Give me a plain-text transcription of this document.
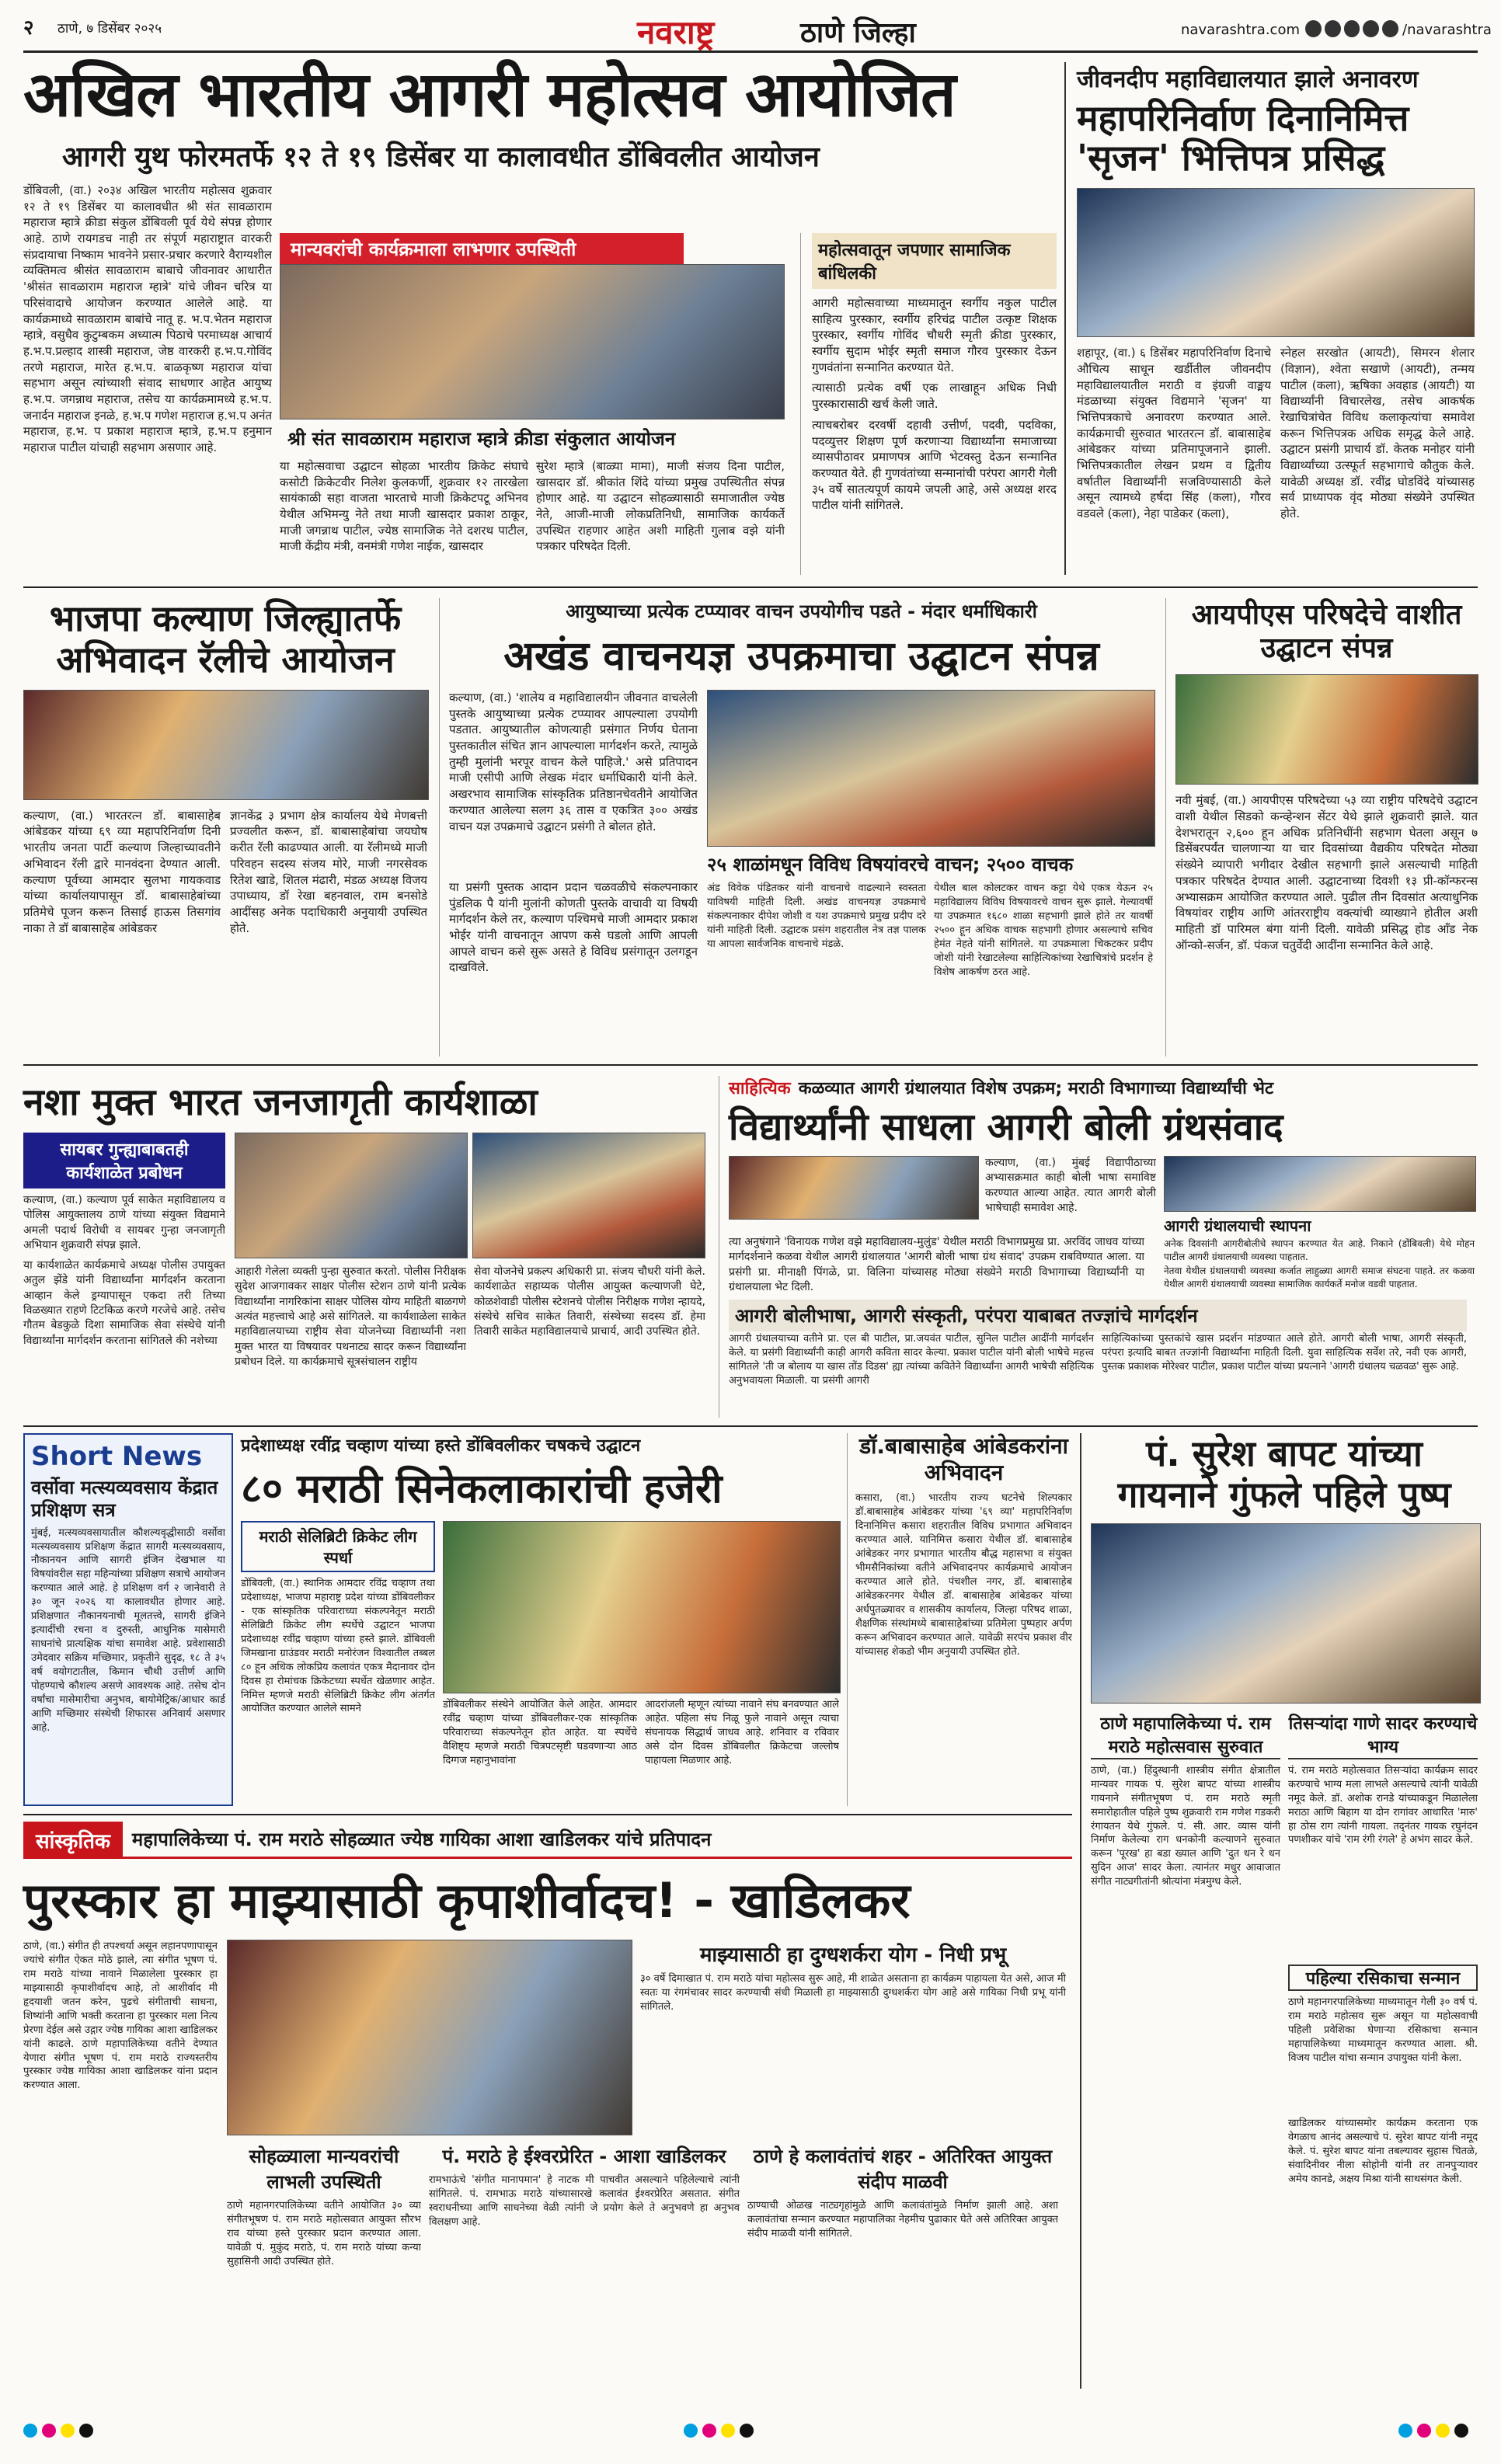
२ ठाणे, ७ डिसेंबर २०२५	नवराष्ट्र	ठाणे जिल्हा	navarashtra.com	/navarashtra
अखिल भारतीय आगरी महोत्सव आयोजित
आगरी युथ फोरमतर्फे १२ ते १९ डिसेंबर या कालावधीत डोंबिवलीत आयोजन

डोंबिवली, (वा.) २०३४ अखिल भारतीय महोत्सव शुक्रवार १२ ते १९ डिसेंबर या कालावधीत श्री संत सावळाराम महाराज म्हात्रे क्रीडा संकुल डोंबिवली पूर्व येथे संपन्न होणार आहे. ठाणे रायगडच नाही तर संपूर्ण महाराष्ट्रात वारकरी संप्रदायाचा निष्काम भावनेने प्रसार-प्रचार करणारे वैराग्यशील व्यक्तिमत्व श्रीसंत सावळाराम बाबाचे जीवनावर आधारीत 'श्रीसंत सावळाराम महाराज म्हात्रे' यांचे जीवन चरित्र या परिसंवादाचे आयोजन करण्यात आलेले आहे. या कार्यक्रमाध्ये सावळाराम बाबांचे नातू ह. भ.प.भेतन महाराज म्हात्रे, वसुधैव कुटुम्बकम अध्यात्म पिठाचे परमाध्यक्ष आचार्य ह.भ.प.प्रल्हाद शास्त्री महाराज, जेष्ठ वारकरी ह.भ.प.गोविंद तरणे महाराज, मारेत ह.भ.प. बाळकृष्ण महाराज यांचा सहभाग असून त्यांच्याशी संवाद साधणार आहेत आयुष्य ह.भ.प. जगन्नाथ महाराज, तसेच या कार्यक्रमामध्ये ह.भ.प. जनार्दन महाराज इनळे, ह.भ.प गणेश महाराज ह.भ.प अनंत महाराज, ह.भ. प प्रकाश महाराज म्हात्रे, ह.भ.प हनुमान महाराज पाटील यांचाही सहभाग असणार आहे.

मान्यवरांची कार्यक्रमाला लाभणार उपस्थिती
श्री संत सावळाराम महाराज म्हात्रे क्रीडा संकुलात आयोजन

या महोत्सवाचा उद्घाटन सोहळा भारतीय क्रिकेट संघाचे कसोटी क्रिकेटवीर निलेश कुलकर्णी, शुक्रवार १२ तारखेला सायंकाळी सहा वाजता भारताचे माजी क्रिकेटपटू अभिनव येथील अभिमन्यु नेते तथा माजी खासदार प्रकाश ठाकूर, माजी जगन्नाथ पाटील, ज्येष्ठ सामाजिक नेते दशरथ पाटील, माजी केंद्रीय मंत्री, वनमंत्री गणेश नाईक, खासदार

सुरेश म्हात्रे (बाळ्या मामा), माजी संजय दिना पाटील, खासदार डॉ. श्रीकांत शिंदे यांच्या प्रमुख उपस्थितीत संपन्न होणार आहे. या उद्घाटन सोहळ्यासाठी समाजातील ज्येष्ठ नेते, आजी-माजी लोकप्रतिनिधी, सामाजिक कार्यकर्ते उपस्थित राहणार आहेत अशी माहिती गुलाब वझे यांनी पत्रकार परिषदेत दिली.

महोत्सवातून जपणार सामाजिक बांधिलकी

आगरी महोत्सवाच्या माध्यमातून स्वर्गीय नकुल पाटील साहित्य पुरस्कार, स्वर्गीय हरिचंद्र पाटील उत्कृष्ट शिक्षक पुरस्कार, स्वर्गीय गोविंद चौधरी स्मृती क्रीडा पुरस्कार, स्वर्गीय सुदाम भोईर स्मृती समाज गौरव पुरस्कार देऊन गुणवंतांना सन्मानित करण्यात येते.

त्यासाठी प्रत्येक वर्षी एक लाखाहून अधिक निधी पुरस्कारासाठी खर्च केली जाते.

त्याचबरोबर दरवर्षी दहावी उत्तीर्ण, पदवी, पदविका, पदव्युत्तर शिक्षण पूर्ण करणाऱ्या विद्यार्थ्यांना समाजाच्या व्यासपीठावर प्रमाणपत्र आणि भेटवस्तु देऊन सन्मानित करण्यात येते. ही गुणवंतांच्या सन्मानांची परंपरा आगरी गेली ३५ वर्षे सातत्यपूर्ण कायमे जपली आहे, असे अध्यक्ष शरद पाटील यांनी सांगितले.

जीवनदीप महाविद्यालयात झाले अनावरण
महापरिनिर्वाण दिनानिमित्त 'सृजन' भित्तिपत्र प्रसिद्ध

शहापूर, (वा.) ६ डिसेंबर महापरिनिर्वाण दिनाचे औचित्य साधून खर्डीतील जीवनदीप महाविद्यालयातील मराठी व इंग्रजी वाङ्मय मंडळाच्या संयुक्त विद्यमाने 'सृजन' या भित्तिपत्रकाचे अनावरण करण्यात आले. कार्यक्रमाची सुरुवात भारतरत्न डॉ. बाबासाहेब आंबेडकर यांच्या प्रतिमापूजनाने झाली. भित्तिपत्रकातील लेखन प्रथम व द्वितीय वर्षातील विद्यार्थ्यांनी सजविण्यासाठी केले असून त्यामध्ये हर्षदा सिंह (कला), गौरव वडवले (कला), नेहा पाडेकर (कला),

स्नेहल सरखोत (आयटी), सिमरन शेलार (विज्ञान), श्वेता सखाणे (आयटी), तन्मय पाटील (कला), ऋषिका अवहाड (आयटी) या विद्यार्थ्यांनी विचारलेख, तसेच आकर्षक रेखाचित्रांचेत विविध कलाकृत्यांचा समावेश करून भित्तिपत्रक अधिक समृद्ध केले आहे. उद्घाटन प्रसंगी प्राचार्य डॉ. केतक मनोहर यांनी विद्यार्थ्यांच्या उत्स्फूर्त सहभागाचे कौतुक केले. यावेळी अध्यक्ष डॉ. रवींद्र घोडविंदे यांच्यासह सर्व प्राध्यापक वृंद मोठ्या संख्येने उपस्थित होते.

भाजपा कल्याण जिल्ह्यातर्फे अभिवादन रॅलीचे आयोजन

कल्याण, (वा.) भारतरत्न डॉ. बाबासाहेब आंबेडकर यांच्या ६९ व्या महापरिनिर्वाण दिनी भारतीय जनता पार्टी कल्याण जिल्हाच्यावतीने अभिवादन रॅली द्वारे मानवंदना देण्यात आली. कल्याण पूर्वच्या आमदार सुलभा गायकवाड यांच्या कार्यालयापासून डॉ. बाबासाहेबांच्या प्रतिमेचे पूजन करून तिसाई हाऊस तिसगांव नाका ते डॉ बाबासाहेब आंबेडकर

ज्ञानकेंद्र ३ प्रभाग क्षेत्र कार्यालय येथे मेणबत्ती प्रज्वलीत करून, डॉ. बाबासाहेबांचा जयघोष करीत रॅली काढण्यात आली. या रॅलीमध्ये माजी परिवहन सदस्य संजय मोरे, माजी नगरसेवक रितेश खाडे, शितल मंढारी, मंडळ अध्यक्ष विजय उपाध्याय, डॉ रेखा बहनवाल, राम बनसोडे आदींसह अनेक पदाधिकारी अनुयायी उपस्थित होते.

आयुष्याच्या प्रत्येक टप्प्यावर वाचन उपयोगीच पडते - मंदार धर्माधिकारी
अखंड वाचनयज्ञ उपक्रमाचा उद्घाटन संपन्न

कल्याण, (वा.) 'शालेय व महाविद्यालयीन जीवनात वाचलेली पुस्तके आयुष्याच्या प्रत्येक टप्प्यावर आपल्याला उपयोगी पडतात. आयुष्यातील कोणत्याही प्रसंगात निर्णय घेताना पुस्तकातील संचित ज्ञान आपल्याला मार्गदर्शन करते, त्यामुळे तुम्ही मुलांनी भरपूर वाचन केले पाहिजे.' असे प्रतिपादन माजी एसीपी आणि लेखक मंदार धर्माधिकारी यांनी केले. अखरभाव सामाजिक सांस्कृतिक प्रतिष्ठानचेवतीने आयोजित करण्यात आलेल्या सलग ३६ तास व एकत्रित ३०० अखंड वाचन यज्ञ उपक्रमाचे उद्घाटन प्रसंगी ते बोलत होते.

या प्रसंगी पुस्तक आदान प्रदान चळवळीचे संकल्पनाकार पुंडलिक पै यांनी मुलांनी कोणती पुस्तके वाचावी या विषयी मार्गदर्शन केले तर, कल्याण पश्चिमचे माजी आमदार प्रकाश भोईर यांनी वाचनातून आपण कसे घडलो आणि आपली आपले वाचन कसे सुरू असते हे विविध प्रसंगातून उलगडून दाखविले.

२५ शाळांमधून विविध विषयांवरचे वाचन; २५०० वाचक

अंड विवेक पंडितकर यांनी वाचनाचे वाढल्याने स्वस्तता याविषयी माहिती दिली. अखंड वाचनयज्ञ उपक्रमाचे संकल्पनाकार दीपेश जोशी व यश उपक्रमाचे प्रमुख प्रदीप दरे यांनी माहिती दिली. उद्घाटक प्रसंग शहरातील नेत्र तज्ञ पालक या आपला सार्वजनिक वाचनाचे मंडळे.

येथील बाल कोलटकर वाचन कट्टा येथे एकत्र येऊन २५ महाविद्यालय विविध विषयावरचे वाचन सुरू झाले. गेल्यावर्षी या उपक्रमात १६८० शाळा सहभागी झाले होते तर यावर्षी २५०० हून अधिक वाचक सहभागी होणार असल्याचे सचिव हेमंत नेहते यांनी सांगितले. या उपक्रमाला चिकटकर प्रदीप जोशी यांनी रेखाटलेल्या साहित्यिकांच्या रेखाचित्रांचे प्रदर्शन हे विशेष आकर्षण ठरत आहे.

आयपीएस परिषदेचे वाशीत उद्घाटन संपन्न

नवी मुंबई, (वा.) आयपीएस परिषदेच्या ५३ व्या राष्ट्रीय परिषदेचे उद्घाटन वाशी येथील सिडको कन्व्हेन्शन सेंटर येथे झाले शुक्रवारी झाले. यात देशभरातून २,६०० हून अधिक प्रतिनिधींनी सहभाग घेतला असून ७ डिसेंबरपर्यंत चालणाऱ्या या चार दिवसांच्या वैद्यकीय परिषदेत मोठ्या संख्येने व्यापारी भगीदार देखील सहभागी झाले असल्याची माहिती पत्रकार परिषदेत देण्यात आली. उद्घाटनाच्या दिवशी १३ प्री-कॉन्फरन्स अभ्यासक्रम आयोजित करण्यात आले. पुढील तीन दिवसांत अत्याधुनिक विषयांवर राष्ट्रीय आणि आंतरराष्ट्रीय वक्त्यांची व्याख्याने होतील अशी माहिती डॉ पारिमल बंगा यांनी दिली. यावेळी प्रसिद्ध होड आँड नेक ऑन्को-सर्जन, डॉ. पंकज चतुर्वेदी आदींना सन्मानित केले आहे.

नशा मुक्त भारत जनजागृती कार्यशाळा
सायबर गुन्ह्याबाबतही कार्यशाळेत प्रबोधन

कल्याण, (वा.) कल्याण पूर्व साकेत महाविद्यालय व पोलिस आयुक्तालय ठाणे यांच्या संयुक्त विद्यमाने अमली पदार्थ विरोधी व सायबर गुन्हा जनजागृती अभियान शुक्रवारी संपन्न झाले.

या कार्यशाळेत कार्यक्रमाचे अध्यक्ष पोलीस उपायुक्त अतुल झेंडे यांनी विद्यार्थ्यांना मार्गदर्शन करताना आव्हान केले ड्रग्यापासून एकदा तरी तिच्या विळख्यात राहणे टिटकिळ करणे गरजेचे आहे. तसेच गौतम बेडकुळे दिशा सामाजिक सेवा संस्थेचे यांनी विद्यार्थ्यांना मार्गदर्शन करताना सांगितले की नशेच्या

आहारी गेलेला व्यक्ती पुन्हा सुरुवात करतो. पोलीस निरीक्षक सुदेश आजगावकर साक्षर पोलीस स्टेशन ठाणे यांनी प्रत्येक विद्यार्थ्यांना नागरिकांना साक्षर पोलिस योग्य माहिती बाळगणे अत्यंत महत्त्वाचे आहे असे सांगितले. या कार्यशाळेला साकेत महाविद्यालयाच्या राष्ट्रीय सेवा योजनेच्या विद्यार्थ्यांनी नशा मुक्त भारत या विषयावर पथनाट्य सादर करून विद्यार्थ्यांना प्रबोधन दिले. या कार्यक्रमाचे सूत्रसंचालन राष्ट्रीय

सेवा योजनेचे प्रकल्प अधिकारी प्रा. संजय चौधरी यांनी केले. कार्यशाळेत सहाय्यक पोलीस आयुक्त कल्याणजी घेटे, कोळशेवाडी पोलीस स्टेशनचे पोलीस निरीक्षक गणेश न्हायदे, संस्थेचे सचिव साकेत तिवारी, संस्थेच्या सदस्य डॉ. हेमा तिवारी साकेत महाविद्यालयाचे प्राचार्य, आदी उपस्थित होते.

साहित्यिक कळव्यात आगरी ग्रंथालयात विशेष उपक्रम; मराठी विभागाच्या विद्यार्थ्यांची भेट
विद्यार्थ्यांनी साधला आगरी बोली ग्रंथसंवाद

कल्याण, (वा.) मुंबई विद्यापीठाच्या अभ्यासक्रमात काही बोली भाषा समाविष्ट करण्यात आल्या आहेत. त्यात आगरी बोली भाषेचाही समावेश आहे.

आगरी ग्रंथालयाची स्थापना

अनेक दिवसांनी आगरीबोलीचे स्थापन करण्यात येत आहे. निकाने (डोंबिवली) येथे मोहन पाटील आगरी ग्रंथालयाची व्यवस्था पाहतात.

नेतवा येथील ग्रंथालयाची व्यवस्था कर्जात लाहुळ्या आगरी समाज संघटना पाहते. तर कळवा येथील आगरी ग्रंथालयाची व्यवस्था सामाजिक कार्यकर्ते मनोज वडवी पाहतात.

त्या अनुषंगाने 'विनायक गणेश वझे महाविद्यालय-मुलुंड' येथील मराठी विभागप्रमुख प्रा. अरविंद जाधव यांच्या मार्गदर्शनाने कळवा येथील आगरी ग्रंथालयात 'आगरी बोली भाषा ग्रंथ संवाद' उपक्रम राबविण्यात आला. या प्रसंगी प्रा. मीनाक्षी पिंगळे, प्रा. विलिना यांच्यासह मोठ्या संख्येने मराठी विभागाच्या विद्यार्थ्यांनी या ग्रंथालयाला भेट दिली.

आगरी बोलीभाषा, आगरी संस्कृती, परंपरा याबाबत तज्ज्ञांचे मार्गदर्शन

आगरी ग्रंथालयाच्या वतीने प्रा. एल बी पाटील, प्रा.जयवंत पाटील, सुनिल पाटील आदींनी मार्गदर्शन केले. या प्रसंगी विद्यार्थ्यांनी काही आगरी कविता सादर केल्या. प्रकाश पाटील यांनी बोली भाषेचे महत्त्व सांगितले 'ती ज बोलाय या खास तोंड दिडस' ह्या त्यांच्या कवितेने विद्यार्थ्यांना आगरी भाषेची सहित्यिक अनुभवायला मिळाली. या प्रसंगी आगरी

साहित्यिकांच्या पुस्तकांचे खास प्रदर्शन मांडण्यात आले होते. आगरी बोली भाषा, आगरी संस्कृती, परंपरा इत्यादि बाबत तज्ज्ञांनी विद्यार्थ्यांना माहिती दिली. युवा साहित्यिक सर्वेश तरे, नवी एक आगरी, पुस्तक प्रकाशक मोरेश्वर पाटील, प्रकाश पाटील यांच्या प्रयत्नाने 'आगरी ग्रंथालय चळवळ' सुरू आहे.

Short News
वर्सोवा मत्स्यव्यवसाय केंद्रात प्रशिक्षण सत्र

मुंबई, मत्स्यव्यवसायातील कौशल्यवृद्धीसाठी वर्सोवा मत्स्यव्यवसाय प्रशिक्षण केंद्रात सागरी मत्स्यव्यवसाय, नौकानयन आणि सागरी इंजिन देखभाल या विषयांवरील सहा महिन्यांच्या प्रशिक्षण सत्राचे आयोजन करण्यात आले आहे. हे प्रशिक्षण वर्ग २ जानेवारी ते ३० जून २०२६ या कालावधीत होणार आहे. प्रशिक्षणात नौकानयनाची मूलतत्त्वे, सागरी इंजिने इत्यादींची रचना व दुरुस्ती, आधुनिक मासेमारी साधनांचे प्रात्यक्षिक यांचा समावेश आहे. प्रवेशासाठी उमेदवार सक्रिय मच्छिमार, प्रकृतीने सुदृढ, १८ ते ३५ वर्ष वयोगटातील, किमान चौथी उत्तीर्ण आणि पोहण्याचे कौशल्य असणे आवश्यक आहे. तसेच दोन वर्षांचा मासेमारीचा अनुभव, बायोमेट्रिक/आधार कार्ड आणि मच्छिमार संस्थेची शिफारस अनिवार्य असणार आहे.

प्रदेशाध्यक्ष रवींद्र चव्हाण यांच्या हस्ते डोंबिवलीकर चषकचे उद्घाटन
८० मराठी सिनेकलाकारांची हजेरी
मराठी सेलिब्रिटी क्रिकेट लीग स्पर्धा

डोंबिवली, (वा.) स्थानिक आमदार रविंद्र चव्हाण तथा प्रदेशाध्यक्ष, भाजपा महाराष्ट्र प्रदेश यांच्या डोंबिवलीकर - एक सांस्कृतिक परिवाराच्या संकल्पनेतून मराठी सेलिब्रिटी क्रिकेट लीग स्पर्धेचे उद्घाटन भाजपा प्रदेशाध्यक्ष रवींद्र चव्हाण यांच्या हस्ते झाले. डोंबिवली जिमखाना ग्राउंडवर मराठी मनोरंजन विश्वातील तब्बल ८० हून अधिक लोकप्रिय कलावंत एकत्र मैदानावर दोन दिवस हा रोमांचक क्रिकेटच्या स्पर्धेत खेळणार आहेत. निमित्त म्हणजे मराठी सेलिब्रिटी क्रिकेट लीग अंतर्गत आयोजित करण्यात आलेले सामने	डोंबिवलीकर संस्थेने आयोजित केले आहेत. आमदार रवींद्र चव्हाण यांच्या डोंबिवलीकर-एक सांस्कृतिक परिवाराच्या संकल्पनेतून होत आहेत. या स्पर्धेचे वैशिष्ट्य म्हणजे मराठी चित्रपटसृष्टी घडवणाऱ्या आठ दिग्गज महानुभावांना

आदरांजली म्हणून त्यांच्या नावाने संघ बनवण्यात आले आहेत. पहिला संघ निळू फुले नावाने असून त्याचा संघनायक सिद्धार्थ जाधव आहे. शनिवार व रविवार असे दोन दिवस डोंबिवलीत क्रिकेटचा जल्लोष पाहायला मिळणार आहे.

डॉ.बाबासाहेब आंबेडकरांना अभिवादन

कसारा, (वा.) भारतीय राज्य घटनेचे शिल्पकार डॉ.बाबासाहेब आंबेडकर यांच्या '६९ व्या' महापरिनिर्वाण दिनानिमित्त कसारा शहरातील विविध प्रभागात अभिवादन करण्यात आले. यानिमित्त कसारा येथील डॉ. बाबासाहेब आंबेडकर नगर प्रभागात भारतीय बौद्ध महासभा व संयुक्त भीमसैनिकांच्या वतीने अभिवादनपर कार्यक्रमाचे आयोजन करण्यात आले होते. पंचशील नगर, डॉ. बाबासाहेब आंबेडकरनगर येथील डॉ. बाबासाहेब आंबेडकर यांच्या अर्धपुतळ्यावर व शासकीय कार्यालय, जिल्हा परिषद शाळा, शैक्षणिक संस्थांमध्ये बाबासाहेबांच्या प्रतिमेला पुष्पहार अर्पण करून अभिवादन करण्यात आले. यावेळी सरपंच प्रकाश वीर यांच्यासह शेकडो भीम अनुयायी उपस्थित होते.

पं. सुरेश बापट यांच्या गायनाने गुंफले पहिले पुष्प
ठाणे महापालिकेच्या पं. राम मराठे महोत्सवास सुरुवात

ठाणे, (वा.) हिंदुस्थानी शास्त्रीय संगीत क्षेत्रातील मान्यवर गायक पं. सुरेश बापट यांच्या शास्त्रीय गायनाने संगीतभूषण पं. राम मराठे स्मृती समारोहातील पहिले पुष्प शुक्रवारी राम गणेश गडकरी रंगायतन येथे गुंफले. पं. सी. आर. व्यास यांनी निर्माण केलेल्या राग धनकोनी कल्याणने सुरुवात करून 'पूरख' हा बडा ख्याल आणि 'दुत धन रे धन सुदिन आज' सादर केला. त्यानंतर मधुर आवाजात संगीत नाट्यगीतांनी श्रोत्यांना मंत्रमुग्ध केले.

तिसऱ्यांदा गाणे सादर करण्याचे भाग्य

पं. राम मराठे महोत्सवात तिसऱ्यांदा कार्यक्रम सादर करण्याचे भाग्य मला लाभले असल्याचे त्यांनी यावेळी नमूद केले. डॉ. अशोक रानडे यांच्याकडून मिळालेला मराठा आणि बिहाग या दोन रागांवर आधारित 'मारु' हा ठोस राग त्यांनी गायला. तद्नंतर गायक रघुनंदन पणशीकर यांचे 'राम रंगी रंगले' हे अभंग सादर केले.

पहिल्या रसिकाचा सन्मान

ठाणे महानगरपालिकेच्या माध्यमातून गेली ३० वर्ष पं. राम मराठे महोत्सव सुरू असून या महोत्सवाची पहिली प्रवेशिका घेणाऱ्या रसिकाचा सन्मान महापालिकेच्या माध्यमातून करण्यात आला. श्री. विजय पाटील यांचा सन्मान उपायुक्त यांनी केला.

खाडिलकर यांच्यासमोर कार्यक्रम करताना एक वेगळाच आनंद असल्याचे पं. सुरेश बापट यांनी नमूद केले. पं. सुरेश बापट यांना तबल्यावर सुहास चितळे, संवादिनीवर नीला सोहोनी यांनी तर तानपुऱ्यावर अमेय कानडे, अक्षय मिश्रा यांनी साथसंगत केली.

सांस्कृतिक	महापालिकेच्या पं. राम मराठे सोहळ्यात ज्येष्ठ गायिका आशा खाडिलकर यांचे प्रतिपादन
पुरस्कार हा माझ्यासाठी कृपाशीर्वादच! - खाडिलकर

ठाणे, (वा.) संगीत ही तपश्चर्या असून लहानपणापासून ज्यांचे संगीत ऐकत मोठे झाले, त्या संगीत भूषण पं. राम मराठे यांच्या नावाने मिळालेला पुरस्कार हा माझ्यासाठी कृपाशीर्वादच आहे, तो आशीर्वाद मी हृदयाशी जतन करेन, पुढचे संगीताची साधना, शिष्यांनी आणि भक्ती करताना हा पुरस्कार मला नित्य प्रेरणा देईल असे उद्गार ज्येष्ठ गायिका आशा खाडिलकर यांनी काढले. ठाणे महापालिकेच्या वतीने देण्यात येणारा संगीत भूषण पं. राम मराठे राज्यस्तरीय पुरस्कार ज्येष्ठ गायिका आशा खाडिलकर यांना प्रदान करण्यात आला.

माझ्यासाठी हा दुग्धशर्करा योग - निधी प्रभू

३० वर्षे दिमाखात पं. राम मराठे यांचा महोत्सव सुरू आहे, मी शाळेत असताना हा कार्यक्रम पाहायला येत असे, आज मी स्वतः या रंगमंचावर सादर करण्याची संधी मिळाली हा माझ्यासाठी दुग्धशर्करा योग आहे असे गायिका निधी प्रभू यांनी सांगितले.

सोहळ्याला मान्यवरांची लाभली उपस्थिती

ठाणे महानगरपालिकेच्या वतीने आयोजित ३० व्या संगीतभूषण पं. राम मराठे महोत्सवात आयुक्त सौरभ राव यांच्या हस्ते पुरस्कार प्रदान करण्यात आला. यावेळी पं. मुकुंद मराठे, पं. राम मराठे यांच्या कन्या सुहासिनी आदी उपस्थित होते.

पं. मराठे हे ईश्वरप्रेरित - आशा खाडिलकर

रामभाऊंचे 'संगीत मानापमान' हे नाटक मी पाचवीत असल्याने पहिलेल्याचे त्यांनी सांगितले. पं. रामभाऊ मराठे यांच्यासारखे कलावंत ईश्वरप्रेरित असतात. संगीत स्वराधनीच्या आणि साधनेच्या वेळी त्यांनी जे प्रयोग केले ते अनुभवणे हा अनुभव विलक्षण आहे.

ठाणे हे कलावंतांचं शहर - अतिरिक्त आयुक्त संदीप माळवी

ठाण्याची ओळख नाट्यगृहांमुळे आणि कलावंतांमुळे निर्माण झाली आहे. अशा कलावंतांचा सन्मान करण्यात महापालिका नेहमीच पुढाकार घेते असे अतिरिक्त आयुक्त संदीप माळवी यांनी सांगितले.
